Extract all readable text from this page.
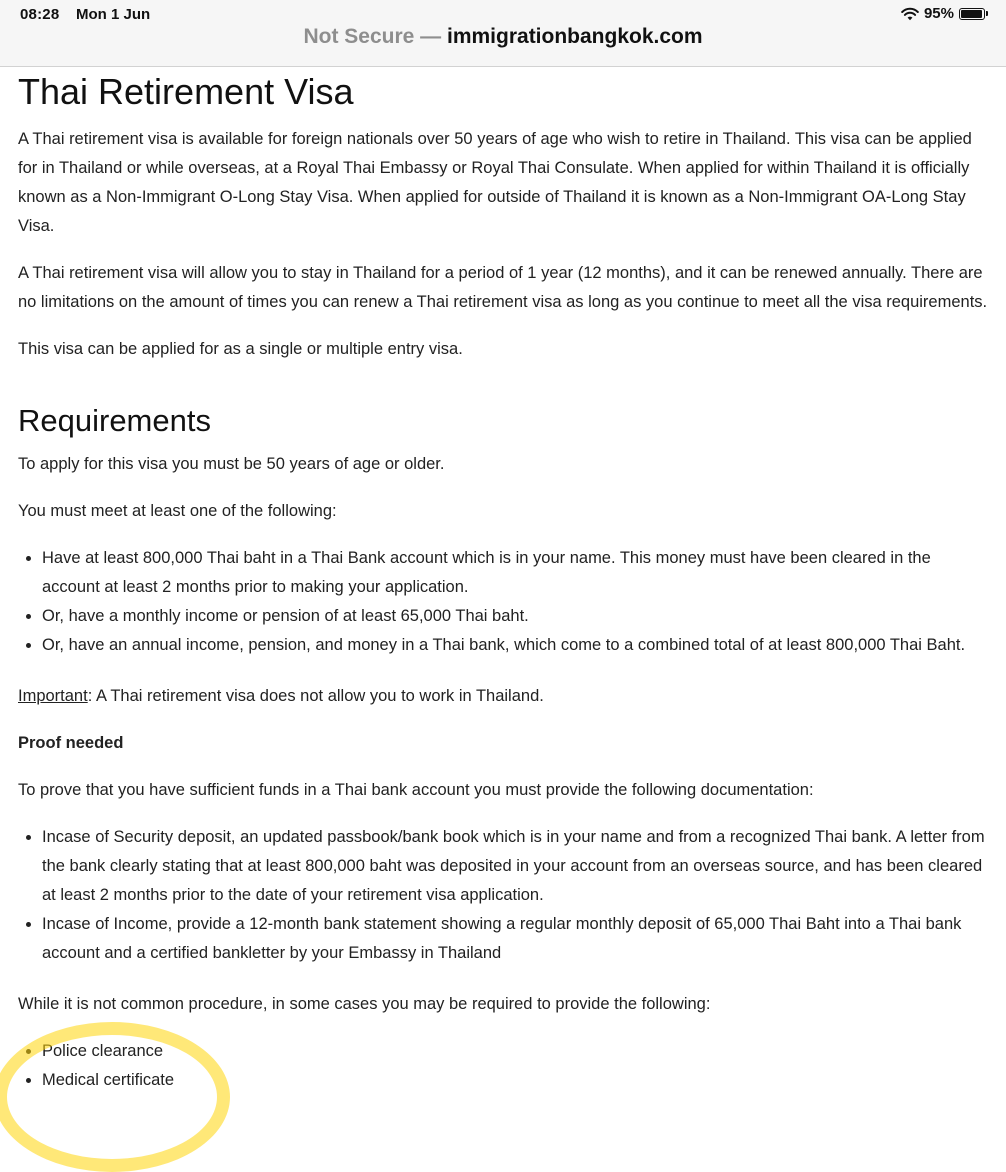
08:28 Mon 1 Jun	95%
Not Secure — immigrationbangkok.com
Thai Retirement Visa

A Thai retirement visa is available for foreign nationals over 50 years of age who wish to retire in Thailand. This visa can be applied for in Thailand or while overseas, at a Royal Thai Embassy or Royal Thai Consulate. When applied for within Thailand it is officially known as a Non-Immigrant O-Long Stay Visa. When applied for outside of Thailand it is known as a Non-Immigrant OA-Long Stay Visa.

A Thai retirement visa will allow you to stay in Thailand for a period of 1 year (12 months), and it can be renewed annually. There are no limitations on the amount of times you can renew a Thai retirement visa as long as you continue to meet all the visa requirements.

This visa can be applied for as a single or multiple entry visa.

Requirements

To apply for this visa you must be 50 years of age or older.

You must meet at least one of the following:

• Have at least 800,000 Thai baht in a Thai Bank account which is in your name. This money must have been cleared in the account at least 2 months prior to making your application.
• Or, have a monthly income or pension of at least 65,000 Thai baht.
• Or, have an annual income, pension, and money in a Thai bank, which come to a combined total of at least 800,000 Thai Baht.

Important: A Thai retirement visa does not allow you to work in Thailand.

Proof needed

To prove that you have sufficient funds in a Thai bank account you must provide the following documentation:

• Incase of Security deposit, an updated passbook/bank book which is in your name and from a recognized Thai bank. A letter from the bank clearly stating that at least 800,000 baht was deposited in your account from an overseas source, and has been cleared at least 2 months prior to the date of your retirement visa application.
• Incase of Income, provide a 12-month bank statement showing a regular monthly deposit of 65,000 Thai Baht into a Thai bank account and a certified bankletter by your Embassy in Thailand

While it is not common procedure, in some cases you may be required to provide the following:

• Police clearance
• Medical certificate
